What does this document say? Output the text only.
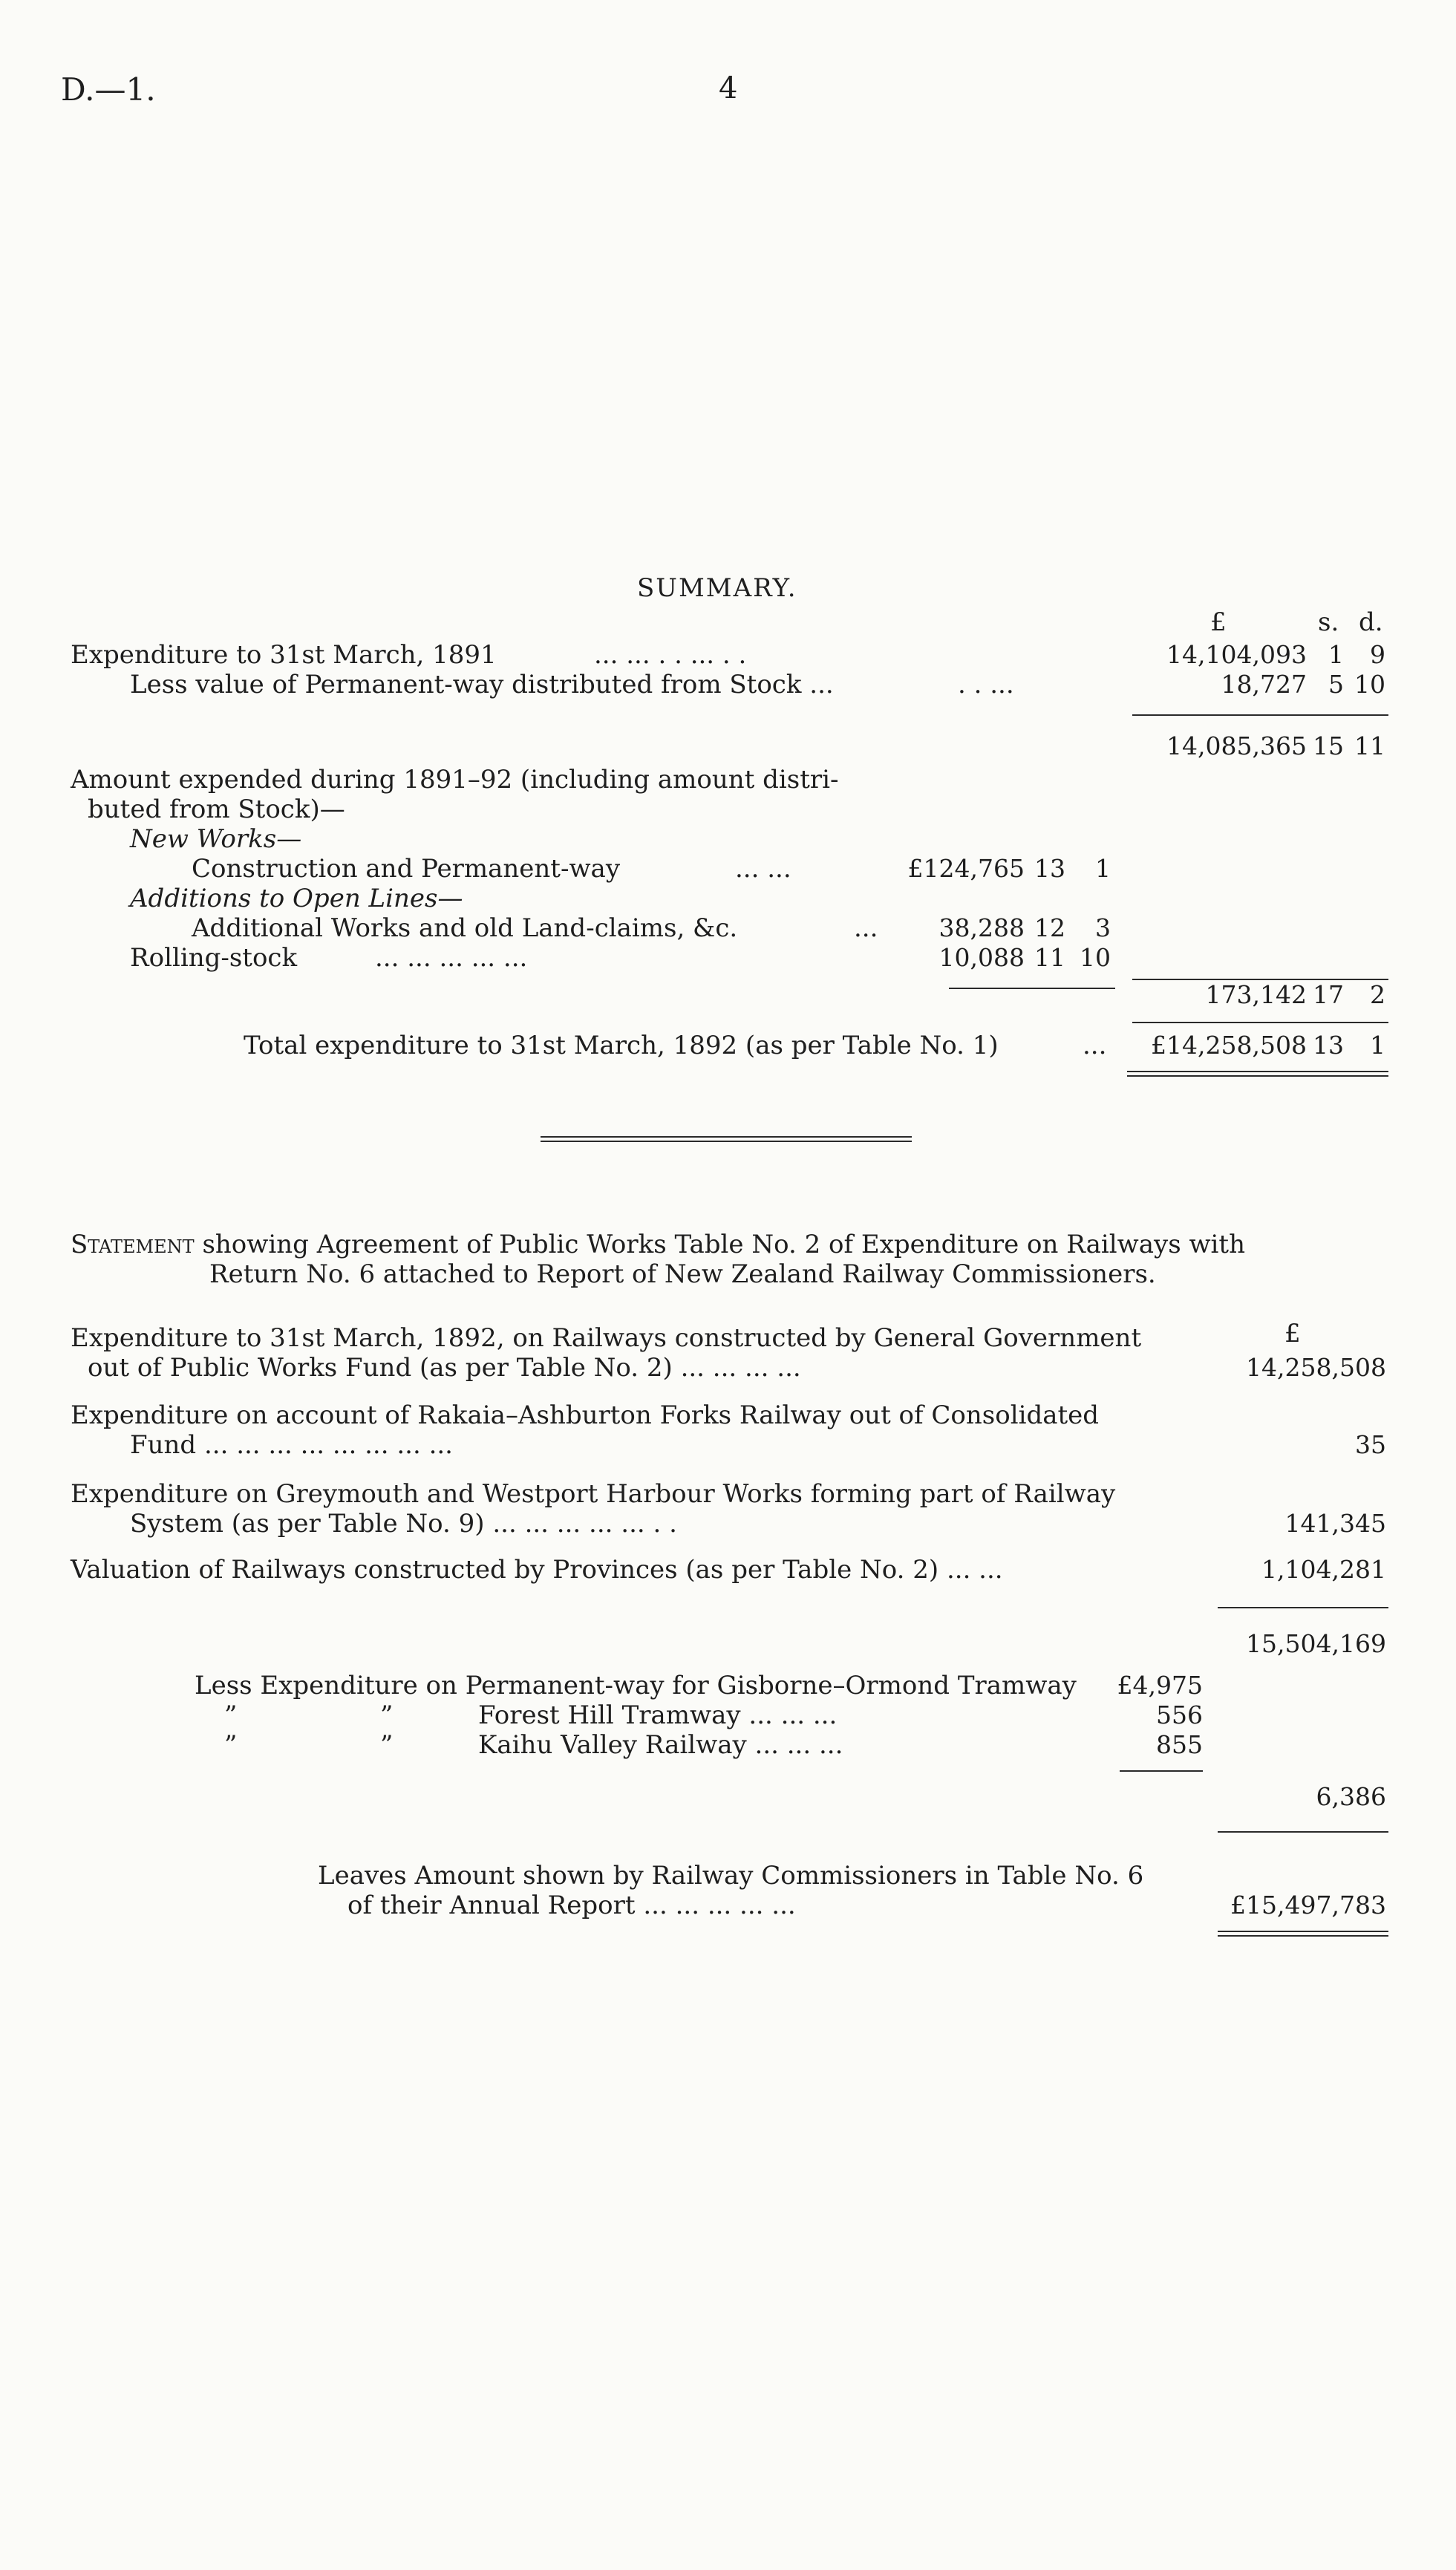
D.—1.	4
SUMMARY.
£	s. d.
Expenditure to 31st March, 1891	... ... . . ... . .	14,104,093 1	9
Less value of Permanent-way distributed from Stock ...	. . ...	18,727 5 10
14,085,365 15 11
Amount expended during 1891–92 (including amount distri-
buted from Stock)—
New Works—
Construction and Permanent-way	... ...	£124,765 13	1
Additions to Open Lines—
Additional Works and old Land-claims, &c.	...	38,288 12	3
Rolling-stock	... ... ... ... ...	10,088 11 10
173,142 17	2
Total expenditure to 31st March, 1892 (as per Table No. 1)	...	£14,258,508 13	1
Statement showing Agreement of Public Works Table No. 2 of Expenditure on Railways with
Return No. 6 attached to Report of New Zealand Railway Commissioners.
£
Expenditure to 31st March, 1892, on Railways constructed by General Government
out of Public Works Fund (as per Table No. 2) ... ... ... ...	14,258,508
Expenditure on account of Rakaia–Ashburton Forks Railway out of Consolidated
Fund ... ... ... ... ... ... ... ...	35
Expenditure on Greymouth and Westport Harbour Works forming part of Railway
System (as per Table No. 9) ... ... ... ... ... . .	141,345
Valuation of Railways constructed by Provinces (as per Table No. 2) ... ...	1,104,281
15,504,169
Less Expenditure on Permanent-way for Gisborne–Ormond Tramway	£4,975
”	”	Forest Hill Tramway ... ... ...	556
”	”	Kaihu Valley Railway ... ... ...	855
6,386
Leaves Amount shown by Railway Commissioners in Table No. 6
of their Annual Report ... ... ... ... ...	£15,497,783
